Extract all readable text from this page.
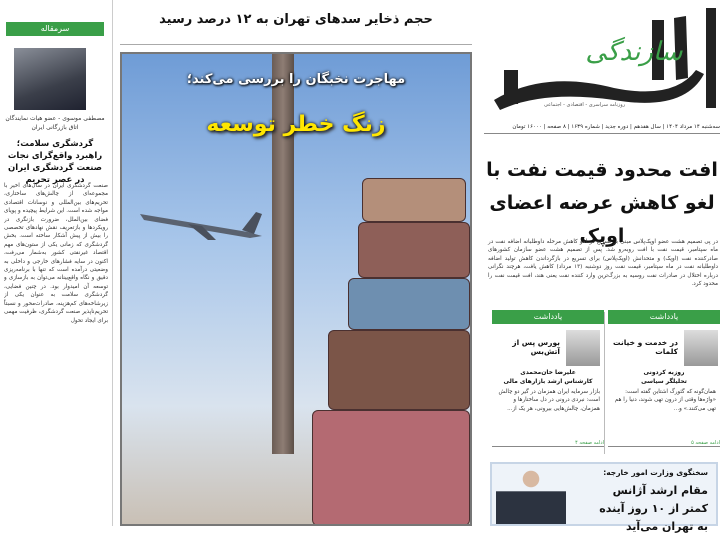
سرمقاله
مصطفی موسوی - عضو هیات نمایندگان اتاق بازرگانی ایران
گردشگری سلامت؛ راهبرد واقع‌گرای نجات صنعت گردشگری ایران در عصر تحریم
صنعت گردشگری ایران در سال‌های اخیر با مجموعه‌ای از چالش‌های ساختاری، تحریم‌های بین‌المللی و نوسانات اقتصادی مواجه شده است. این شرایط پیچیده و پویای فضای بین‌الملل، ضرورت بازنگری در رویکردها و بازتعریف نقش نهادهای تخصصی را بیش از پیش آشکار ساخته است. بخش گردشگری که زمانی یکی از ستون‌های مهم اقتصاد غیرنفتی کشور به‌شمار می‌رفت، اکنون در سایه فشارهای خارجی و داخلی به وضعیتی درآمده است که تنها با برنامه‌ریزی دقیق و نگاه واقع‌بینانه می‌توان به بازسازی و توسعه آن امیدوار بود. در چنین فضایی، گردشگری سلامت به عنوان یکی از زیرشاخه‌های کم‌هزینه، صادرات‌محور و نسبتاً تحریم‌ناپذیر صنعت گردشگری، ظرفیت مهمی برای ایجاد تحول
حجم ذخایر سدهای تهران به ۱۲ درصد رسید
مهاجرت نخبگان را بررسی می‌کند؛
زنگ خطر توسعه
سازندگی
روزنامه سراسری - اقتصادی - اجتماعی
سه‌شنبه ۱۴ مرداد ۱۴۰۴ | سال هفدهم | دوره جدید | شماره ۱۶۳۹ | ۸ صفحه | ۱۶۰۰۰ تومان
افت محدود قیمت نفت با لغو کاهش عرضه اعضای اوپک
در پی تصمیم هشت عضو اوپک‌پلاس مبنی بر تسریع در لغو کاهش مرحله داوطلبانه اضافه نفت در ماه سپتامبر، قیمت نفت با افت روبه‌رو شد. پس از تصمیم هشت عضو سازمان کشورهای صادرکننده نفت (اوپک) و متحدانش (اوپک‌پلاس) برای تسریع در بازگرداندن کاهش تولید اضافه داوطلبانه نفت در ماه سپتامبر، قیمت نفت روز دوشنبه (۱۳ مرداد) کاهش یافت، هرچند نگرانی درباره اختلال در صادرات نفت روسیه به بزرگ‌ترین وارد کننده نفت یعنی هند، افت قیمت نفت را محدود کرد.
یادداشت
در خدمت و خیانت کلمات
روزبه کردونی
تحلیلگر سیاسی
همان‌گونه که گئورگ اشتاین گفته است: «واژه‌ها وقتی از درون تهی شوند، دنیا را هم تهی می‌کنند.» و...
ادامه صفحه ۵
یادداشت
بورس پس از آتش‌بس
علیرضا خان‌محمدی
کارشناس ارشد بازارهای مالی
بازار سرمایه ایران همزمان در گیر دو چالش است: نبردی درونی در دل ساختارها و همزمان، چالش‌هایی بیرونی، هر یک از...
ادامه صفحه ۴
سخنگوی وزارت امور خارجه:
مقام ارشد آژانس کمتر از ۱۰ روز آینده به تهران می‌آید
